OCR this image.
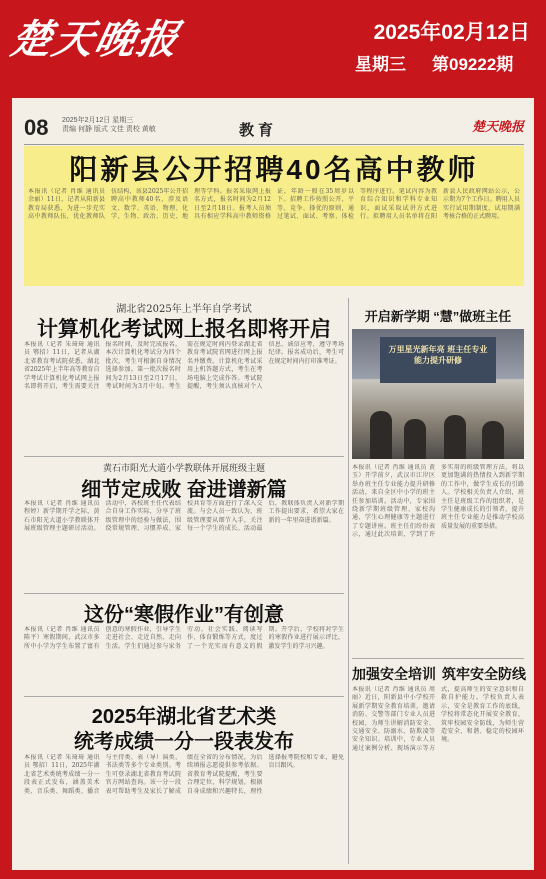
楚天晚报	2025年02月12日
星期三 第09222期
08 2025年2月12日 星期三
责编 何静 版式 文佳 责校 黄敏	教育	楚天晚报
阳新县公开招聘40名高中教师
本报讯（记者 肖维 通讯员 余丽）11日，记者从阳新县教育局获悉，为进一步充实高中教师队伍，优化教师队伍结构，该县2025年公开招聘高中教师40名，涉及语文、数学、英语、物理、化学、生物、政治、历史、地理等学科。报名采取网上报名方式，报名时间为2月12日至2月18日。报考人员须具有相应学科高中教师资格证，年龄一般在35周岁以下。招聘工作按照公开、平等、竞争、择优的原则，通过笔试、面试、考察、体检等程序进行。笔试内容为教育综合知识和学科专业知识，面试采取试讲方式进行。拟聘用人员名单将在阳新县人民政府网站公示，公示期为7个工作日。聘用人员实行试用期制度，试用期满考核合格的正式聘用。
湖北省2025年上半年自学考试
计算机化考试网上报名即将开启
本报讯（记者 朱琦琦 通讯员 鄂招）11日，记者从湖北省教育考试院获悉，湖北省2025年上半年高等教育自学考试计算机化考试网上报名即将开启，考生需要关注报名时间，及时完成报名。本次计算机化考试分为四个批次，考生可根据自身情况选择参加。第一批次报名时间为2月13日至2月17日，考试时间为3月中旬。考生需在规定时间内登录湖北省教育考试院官网进行网上报名并缴费。计算机化考试采用上机答题方式，考生在考场电脑上完成作答。考试院提醒，考生须认真核对个人信息，诚信应考，遵守考场纪律。报名成功后，考生可在规定时间内打印准考证。
开启新学期 “慧”做班主任
万里星光新年亮 班主任专业能力提升研修
黄石市阳光大道小学教联体开展班级主题
细节定成败 奋进谱新篇
本报讯（记者 肖维 通讯员 程婷）新学期开学之际，黄石市阳光大道小学教联体开展班级管理主题研讨活动。活动中，各校班主任代表结合自身工作实际，分享了班级管理中的经验与做法，围绕常规管理、习惯养成、家校共育等方面进行了深入交流。与会人员一致认为，班级管理要从细节入手，关注每一个学生的成长。活动最后，教联体负责人对新学期工作提出要求，希望大家在新的一年里奋进谱新篇。
本报讯（记者 肖维 通讯员 黄玉）开学前夕，武汉市江岸区举办班主任专业能力提升研修活动，来自全区中小学的班主任参加培训。活动中，专家围绕新学期班级管理、家校沟通、学生心理健康等主题进行了专题讲座。班主任们纷纷表示，通过此次培训，学到了许多实用的班级管理方法，将以更加饱满的热情投入到新学期的工作中，做学生成长的引路人。学校相关负责人介绍，班主任是班级工作的组织者，是学生健康成长的引领者，提升班主任专业能力是推动学校高质量发展的重要举措。
这份“寒假作业”有创意
本报讯（记者 肖维 通讯员 陈平）寒假期间，武汉市多所中小学为学生布置了富有创意的寒假作业，引导学生走进社会、走近自然、走向生活。学生们通过参与家务劳动、社会实践、阅读写作、体育锻炼等方式，度过了一个充实而有意义的假期。开学后，学校将对学生的寒假作业进行展示评比，激发学生的学习兴趣。
2025年湖北省艺术类
统考成绩一分一段表发布
本报讯（记者 朱琦琦 通讯员 鄂招）11日，2025年湖北省艺术类统考成绩一分一段表正式发布，涵盖美术类、音乐类、舞蹈类、播音与主持类、表（导）演类、书法类等多个专业类别。考生可登录湖北省教育考试院官方网站查询。该一分一段表可帮助考生及家长了解成绩在全省的分布情况，为后续填报志愿提供参考依据。省教育考试院提醒，考生要合理定位，科学规划，根据自身成绩和兴趣特长，理性选择报考院校和专业，避免盲目跟风。
加强安全培训 筑牢安全防线
本报讯（记者 肖维 通讯员 周丽）近日，阳新县中小学校开展新学期安全教育培训，邀请消防、交警等部门专业人员进校园，为师生讲解消防安全、交通安全、防溺水、防欺凌等安全知识。培训中，专业人员通过案例分析、现场演示等方式，提高师生的安全意识和自救自护能力。学校负责人表示，安全是教育工作的底线，学校将常态化开展安全教育，筑牢校园安全防线，为师生营造安全、和谐、稳定的校园环境。
